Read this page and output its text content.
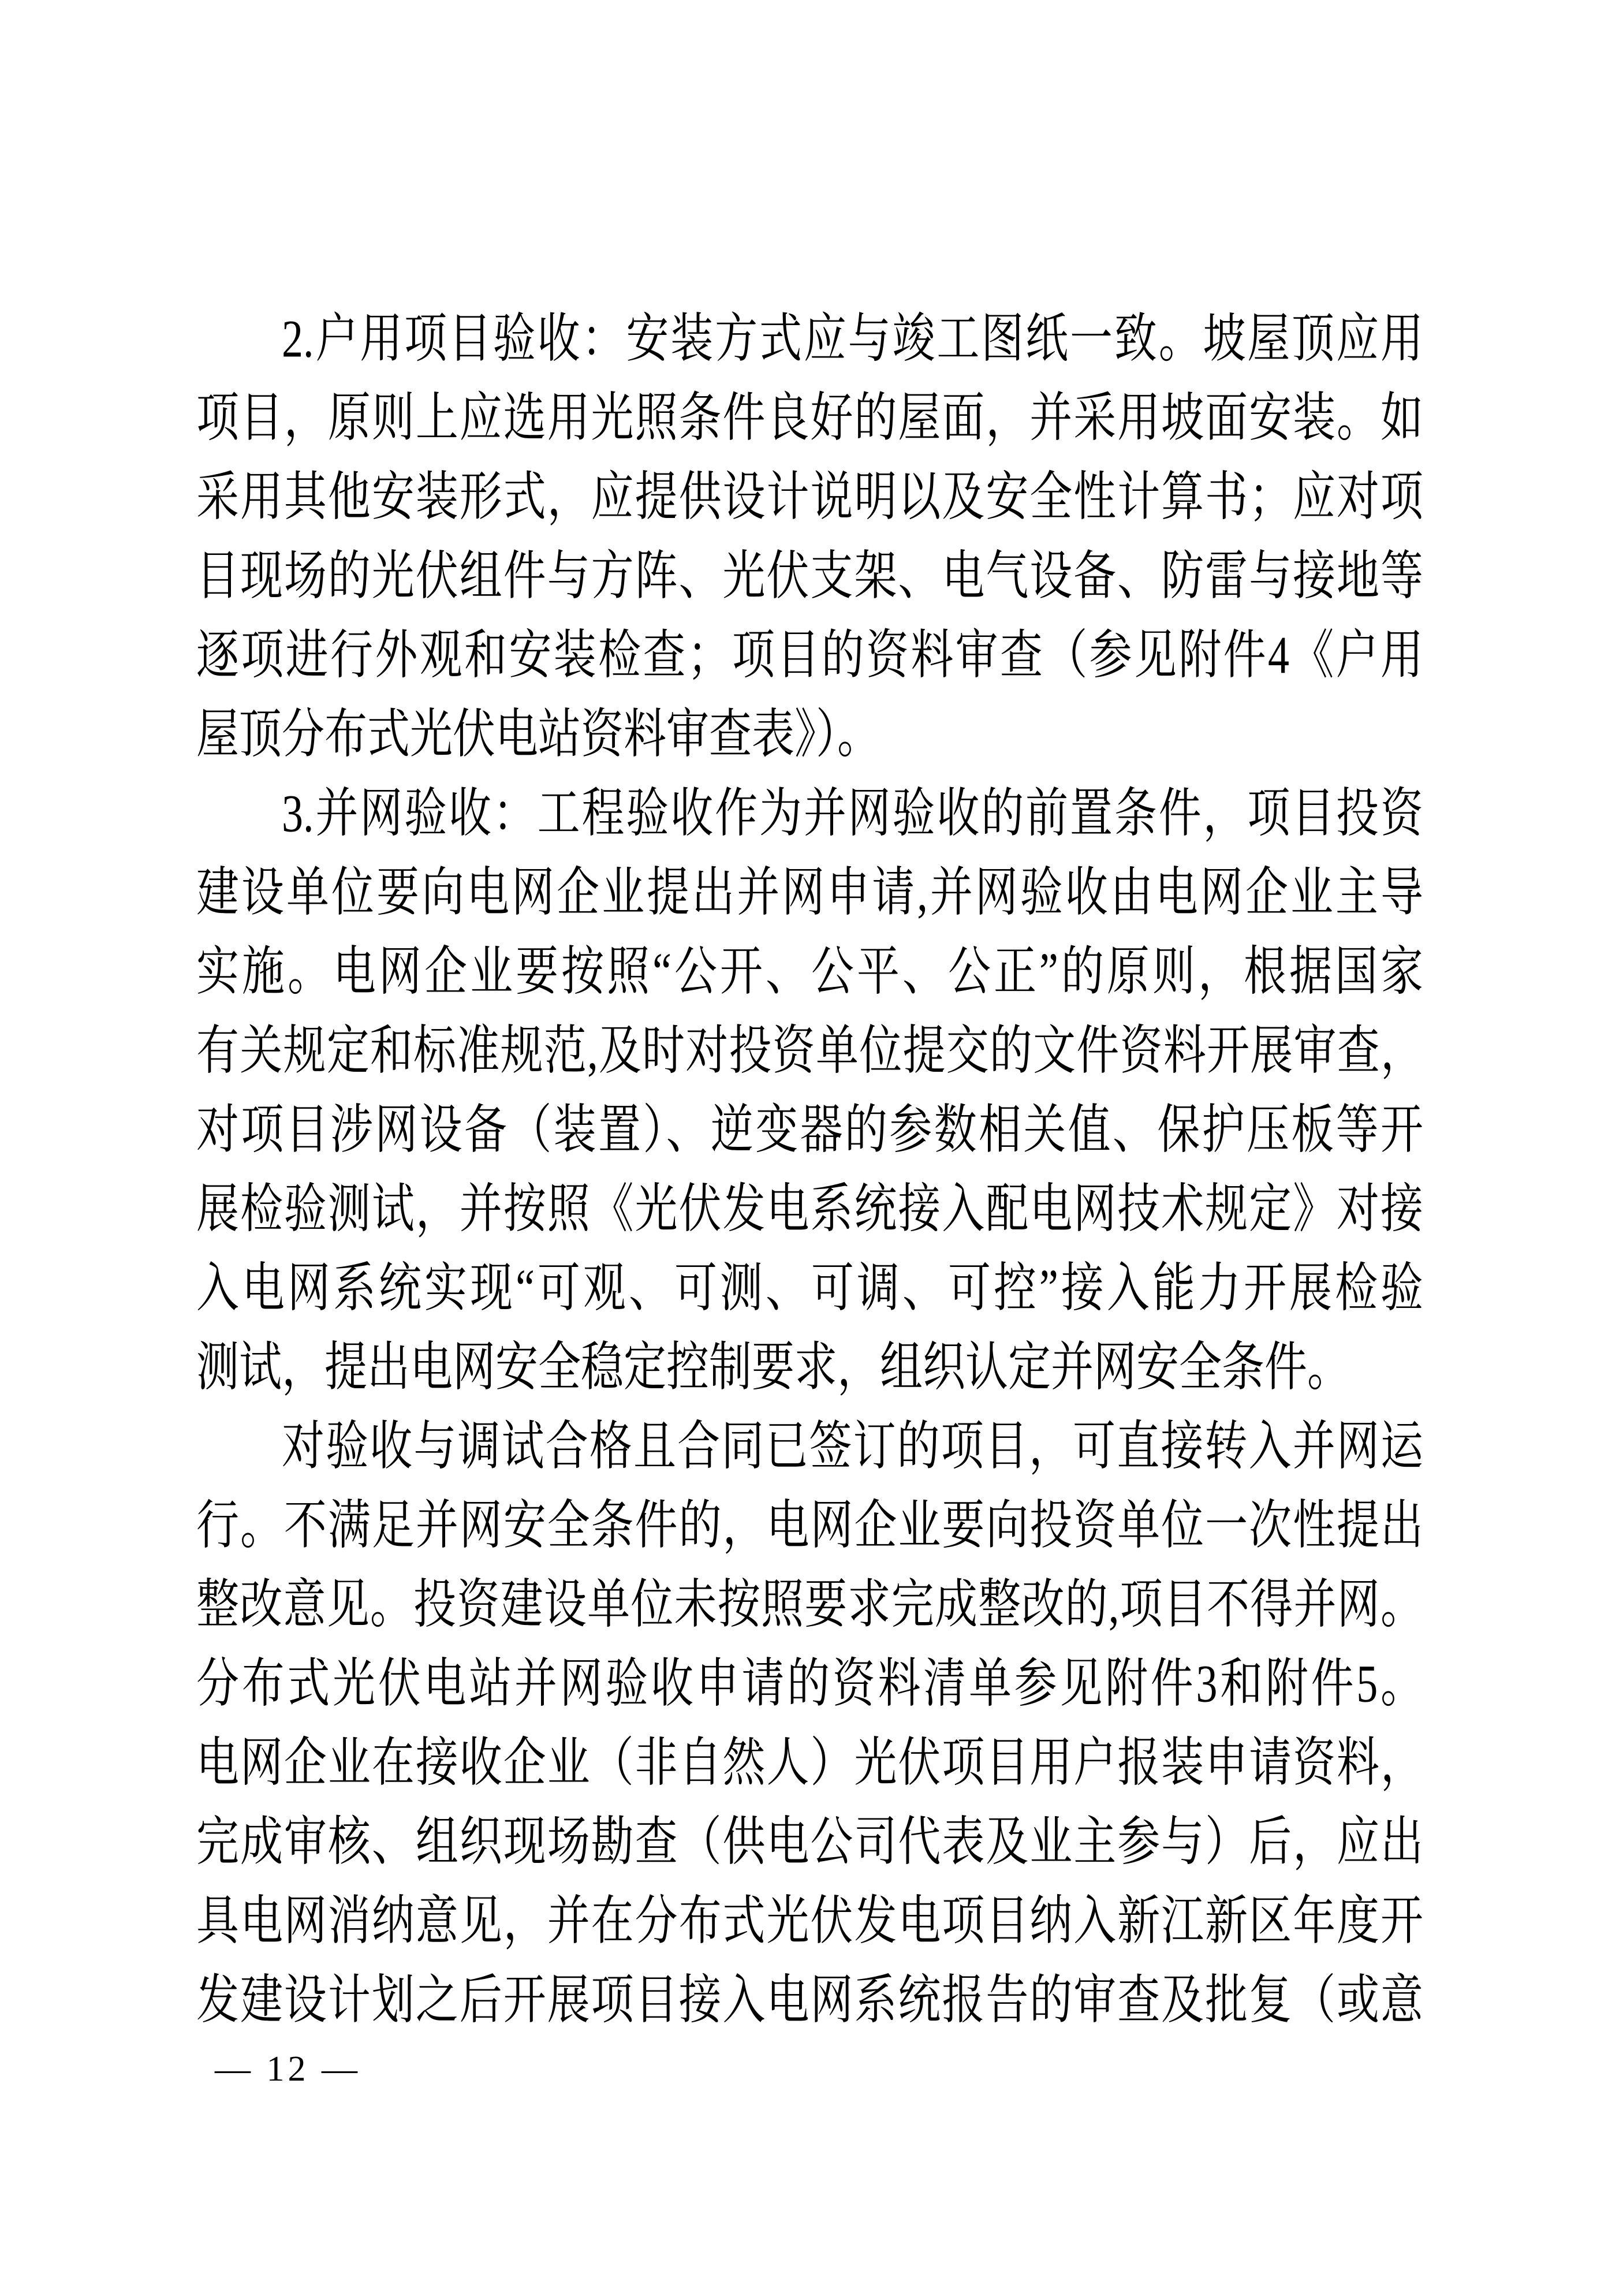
2.户用项目验收：安装方式应与竣工图纸一致。坡屋顶应用
项目，原则上应选用光照条件良好的屋面，并采用坡面安装。如
采用其他安装形式，应提供设计说明以及安全性计算书；应对项
目现场的光伏组件与方阵、光伏支架、电气设备、防雷与接地等
逐项进行外观和安装检查；项目的资料审查（参见附件4《户用
屋顶分布式光伏电站资料审查表》）。
3.并网验收：工程验收作为并网验收的前置条件，项目投资
建设单位要向电网企业提出并网申请,并网验收由电网企业主导
实施。电网企业要按照“公开、公平、公正”的原则，根据国家
有关规定和标准规范,及时对投资单位提交的文件资料开展审查，
对项目涉网设备（装置）、逆变器的参数相关值、保护压板等开
展检验测试，并按照《光伏发电系统接入配电网技术规定》对接
入电网系统实现“可观、可测、可调、可控”接入能力开展检验
测试，提出电网安全稳定控制要求，组织认定并网安全条件。
对验收与调试合格且合同已签订的项目，可直接转入并网运
行。不满足并网安全条件的，电网企业要向投资单位一次性提出
整改意见。投资建设单位未按照要求完成整改的,项目不得并网。
分布式光伏电站并网验收申请的资料清单参见附件3和附件5。
电网企业在接收企业（非自然人）光伏项目用户报装申请资料，
完成审核、组织现场勘查（供电公司代表及业主参与）后，应出
具电网消纳意见，并在分布式光伏发电项目纳入新江新区年度开
发建设计划之后开展项目接入电网系统报告的审查及批复（或意
— 12 —
